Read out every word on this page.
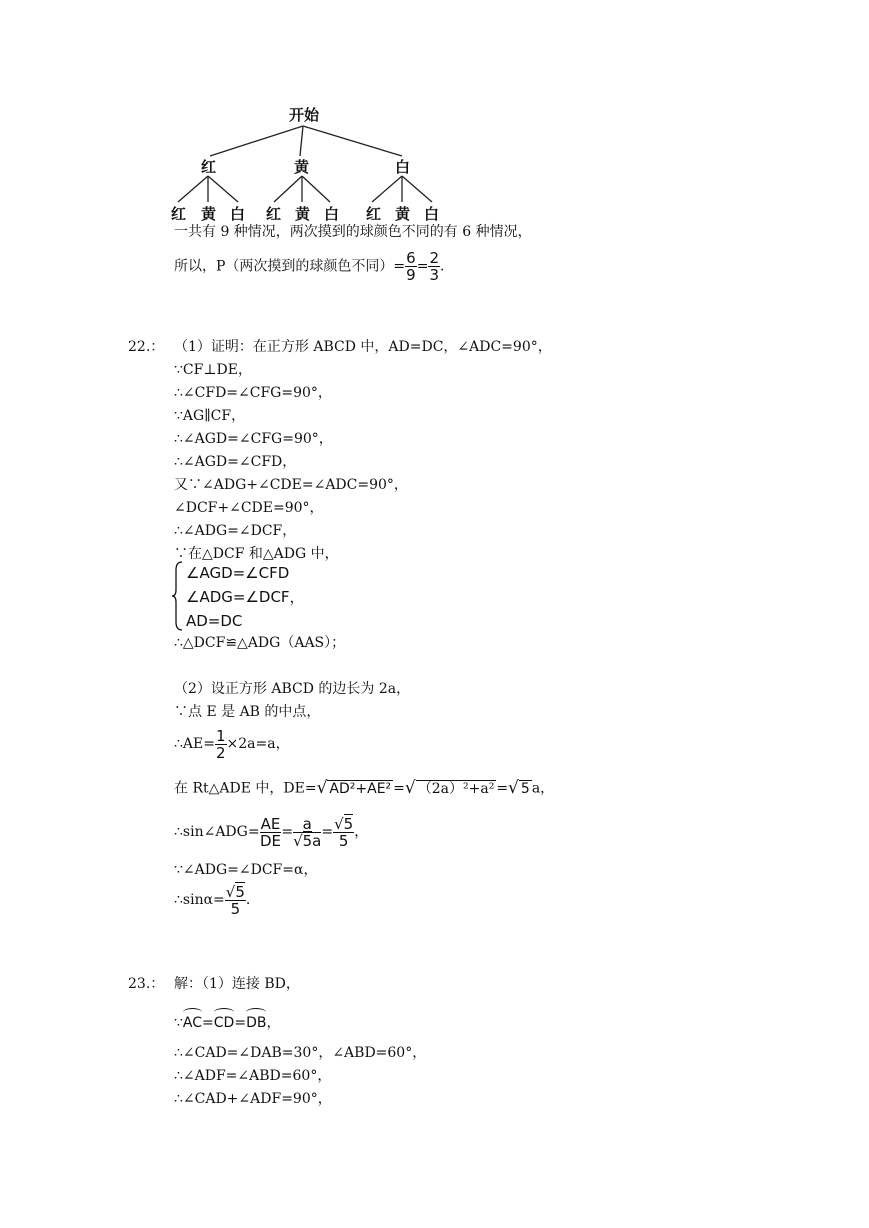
开始
红	黄	白
红 黄 白 红 黄 白 红 黄 白
一共有 9 种情况，两次摸到的球颜色不同的有 6 种情况，
所以，P（两次摸到的球颜色不同）= $\frac{6}{9} = \frac{2}{3}$ .
22.： （1）证明：在正方形 ABCD 中，AD=DC，∠ADC=90°，
∵CF⊥DE，
∴∠CFD=∠CFG=90°，
∵AG∥CF，
∴∠AGD=∠CFG=90°，
∴∠AGD=∠CFD，
又∵∠ADG+∠CDE=∠ADC=90°，
∠DCF+∠CDE=90°，
∴∠ADG=∠DCF，
∵在△DCF 和△ADG 中，
∠AGD=∠CFD
∠ADG=∠DCF，
AD=DC
∴△DCF≌△ADG（AAS）；
（2）设正方形 ABCD 的边长为 2a，
∵点 E 是 AB 的中点，
∴AE= $\frac{1}{2} \times 2a=a$，
在 Rt△ADE 中，DE=√ AD²+AE² =√ （2a）²+a² =√ 5 a，
∴sin∠ADG= $\frac{AE}{DE} = \frac{a}{√5a} = \frac{√5}{5}$ ，
∵∠ADG=∠DCF=α，
∴sinα= $\frac{√5}{5}$ .
23.： 解：（1）连接 BD，
∵AC=CD=DB，
∴∠CAD=∠DAB=30°，∠ABD=60°，
∴∠ADF=∠ABD=60°，
∴∠CAD+∠ADF=90°，
